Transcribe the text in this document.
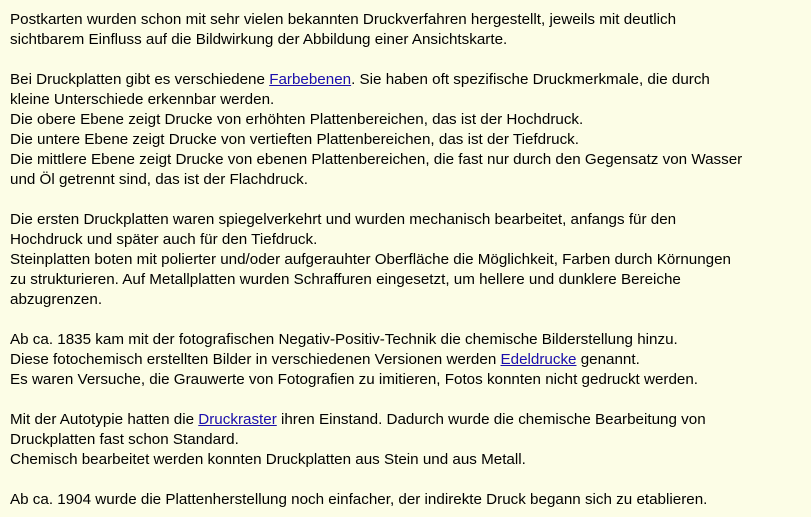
Postkarten wurden schon mit sehr vielen bekannten Druckverfahren hergestellt, jeweils mit deutlich
sichtbarem Einfluss auf die Bildwirkung der Abbildung einer Ansichtskarte.
Bei Druckplatten gibt es verschiedene Farbebenen. Sie haben oft spezifische Druckmerkmale, die durch
kleine Unterschiede erkennbar werden.
Die obere Ebene zeigt Drucke von erhöhten Plattenbereichen, das ist der Hochdruck.
Die untere Ebene zeigt Drucke von vertieften Plattenbereichen, das ist der Tiefdruck.
Die mittlere Ebene zeigt Drucke von ebenen Plattenbereichen, die fast nur durch den Gegensatz von Wasser
und Öl getrennt sind, das ist der Flachdruck.
Die ersten Druckplatten waren spiegelverkehrt und wurden mechanisch bearbeitet, anfangs für den
Hochdruck und später auch für den Tiefdruck.
Steinplatten boten mit polierter und/oder aufgerauhter Oberfläche die Möglichkeit, Farben durch Körnungen
zu strukturieren. Auf Metallplatten wurden Schraffuren eingesetzt, um hellere und dunklere Bereiche
abzugrenzen.
Ab ca. 1835 kam mit der fotografischen Negativ-Positiv-Technik die chemische Bilderstellung hinzu.
Diese fotochemisch erstellten Bilder in verschiedenen Versionen werden Edeldrucke genannt.
Es waren Versuche, die Grauwerte von Fotografien zu imitieren, Fotos konnten nicht gedruckt werden.
Mit der Autotypie hatten die Druckraster ihren Einstand. Dadurch wurde die chemische Bearbeitung von
Druckplatten fast schon Standard.
Chemisch bearbeitet werden konnten Druckplatten aus Stein und aus Metall.
Ab ca. 1904 wurde die Plattenherstellung noch einfacher, der indirekte Druck begann sich zu etablieren.
